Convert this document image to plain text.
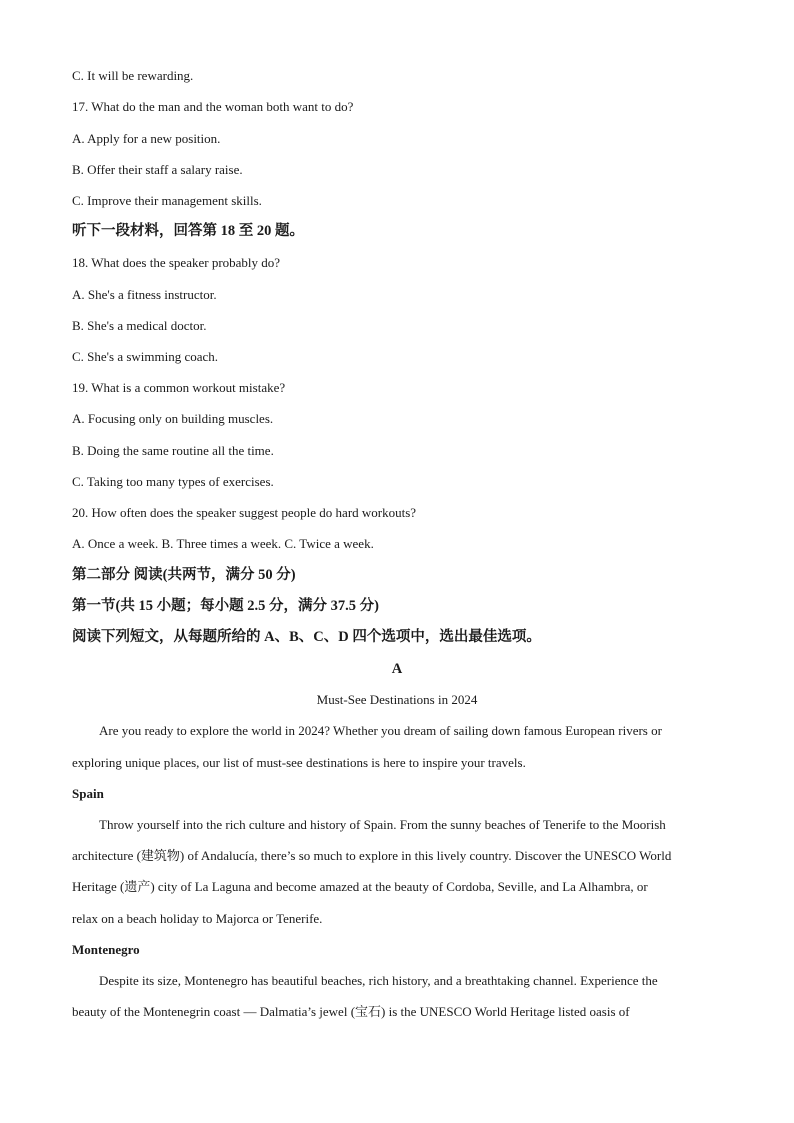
C. It will be rewarding.
17. What do the man and the woman both want to do?
A. Apply for a new position.
B. Offer their staff a salary raise.
C. Improve their management skills.
听下一段材料，回答第 18 至 20 题。
18. What does the speaker probably do?
A. She's a fitness instructor.
B. She's a medical doctor.
C. She's a swimming coach.
19. What is a common workout mistake?
A. Focusing only on building muscles.
B. Doing the same routine all the time.
C. Taking too many types of exercises.
20. How often does the speaker suggest people do hard workouts?
A. Once a week. B. Three times a week. C. Twice a week.
第二部分 阅读(共两节，满分 50 分)
第一节(共 15 小题；每小题 2.5 分，满分 37.5 分)
阅读下列短文，从每题所给的 A、B、C、D 四个选项中，选出最佳选项。
A
Must-See Destinations in 2024
Are you ready to explore the world in 2024? Whether you dream of sailing down famous European rivers or
exploring unique places, our list of must-see destinations is here to inspire your travels.
Spain
Throw yourself into the rich culture and history of Spain. From the sunny beaches of Tenerife to the Moorish
architecture (建筑物) of Andalucía, there’s so much to explore in this lively country. Discover the UNESCO World
Heritage (遗产) city of La Laguna and become amazed at the beauty of Cordoba, Seville, and La Alhambra, or
relax on a beach holiday to Majorca or Tenerife.
Montenegro
Despite its size, Montenegro has beautiful beaches, rich history, and a breathtaking channel. Experience the
beauty of the Montenegrin coast — Dalmatia’s jewel (宝石) is the UNESCO World Heritage listed oasis of
